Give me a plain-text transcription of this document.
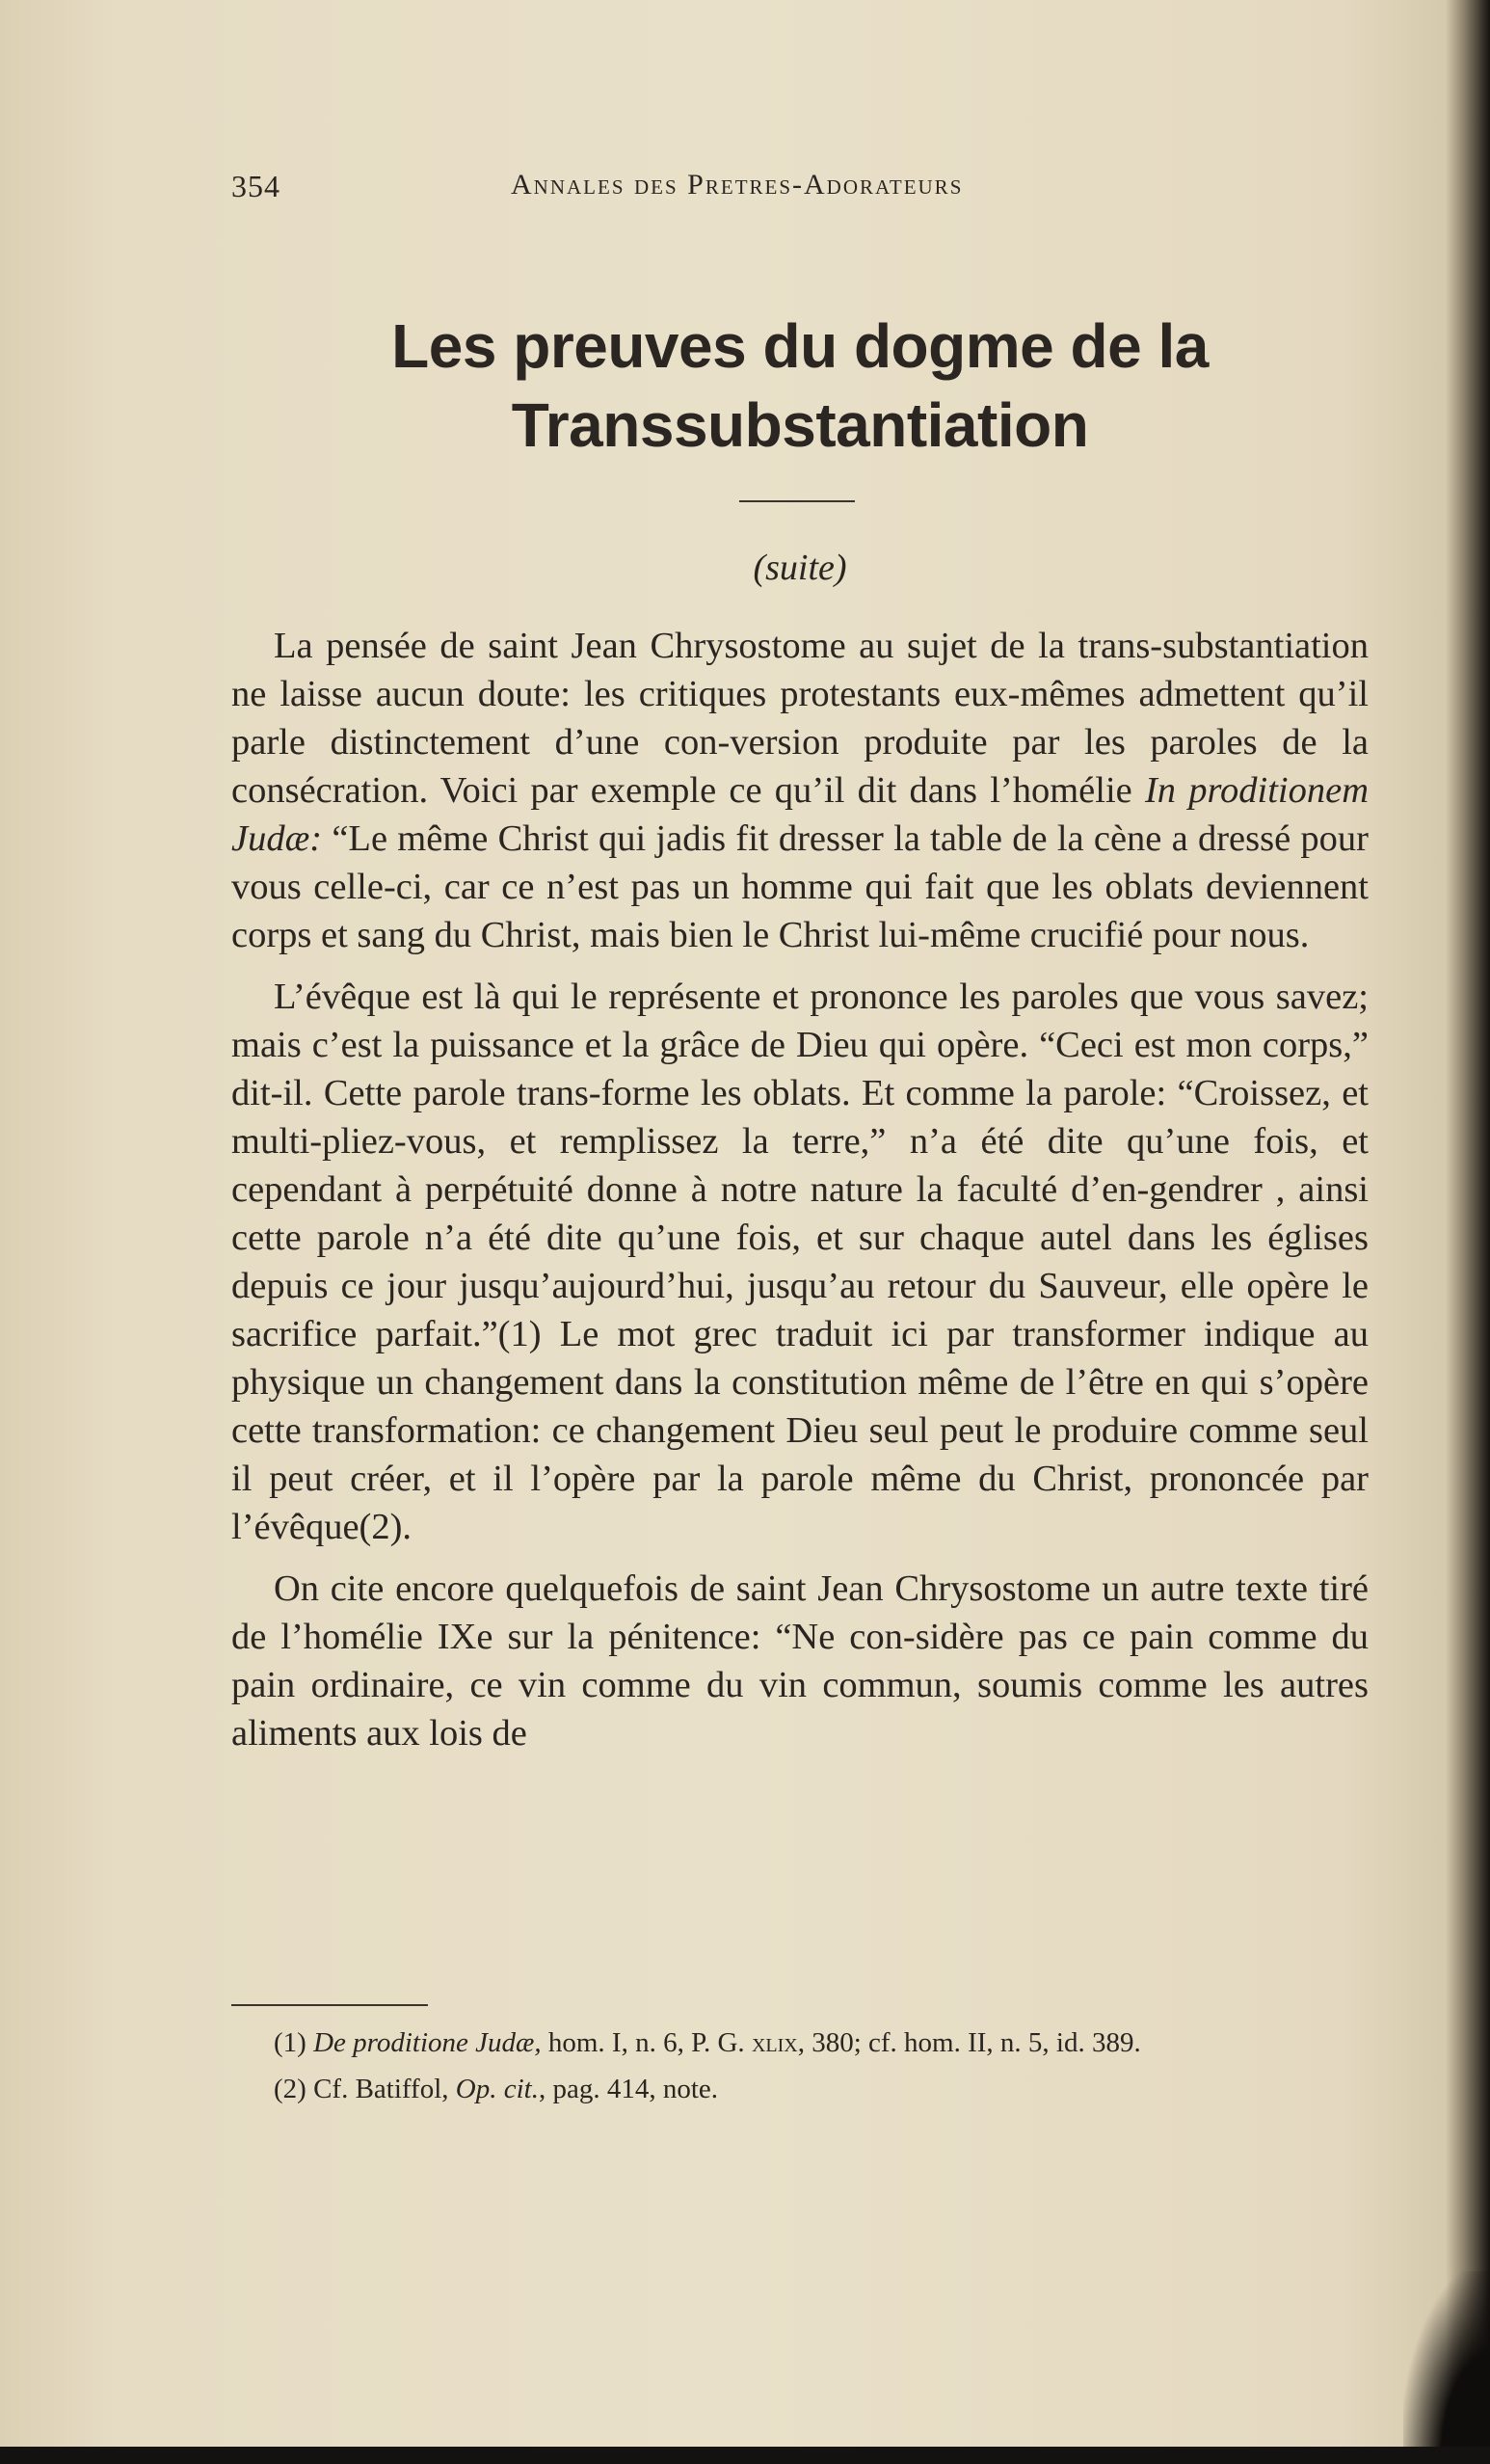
354	Annales des Pretres-Adorateurs
Les preuves du dogme de la
Transsubstantiation
(suite)

La pensée de saint Jean Chrysostome au sujet de la trans-substantiation ne laisse aucun doute: les critiques protestants eux-mêmes admettent qu’il parle distinctement d’une con-version produite par les paroles de la consécration. Voici par exemple ce qu’il dit dans l’homélie In proditionem Judæ: “Le même Christ qui jadis fit dresser la table de la cène a dressé pour vous celle-ci, car ce n’est pas un homme qui fait que les oblats deviennent corps et sang du Christ, mais bien le Christ lui-même crucifié pour nous.

L’évêque est là qui le représente et prononce les paroles que vous savez; mais c’est la puissance et la grâce de Dieu qui opère. “Ceci est mon corps,” dit-il. Cette parole trans-forme les oblats. Et comme la parole: “Croissez, et multi-pliez-vous, et remplissez la terre,” n’a été dite qu’une fois, et cependant à perpétuité donne à notre nature la faculté d’en-gendrer , ainsi cette parole n’a été dite qu’une fois, et sur chaque autel dans les églises depuis ce jour jusqu’aujourd’hui, jusqu’au retour du Sauveur, elle opère le sacrifice parfait.”(1) Le mot grec traduit ici par transformer indique au physique un changement dans la constitution même de l’être en qui s’opère cette transformation: ce changement Dieu seul peut le produire comme seul il peut créer, et il l’opère par la parole même du Christ, prononcée par l’évêque(2).

On cite encore quelquefois de saint Jean Chrysostome un autre texte tiré de l’homélie IXe sur la pénitence: “Ne con-sidère pas ce pain comme du pain ordinaire, ce vin comme du vin commun, soumis comme les autres aliments aux lois de

(1) De proditione Judæ, hom. I, n. 6, P. G. xlix, 380; cf. hom. II, n. 5, id. 389.

(2) Cf. Batiffol, Op. cit., pag. 414, note.
